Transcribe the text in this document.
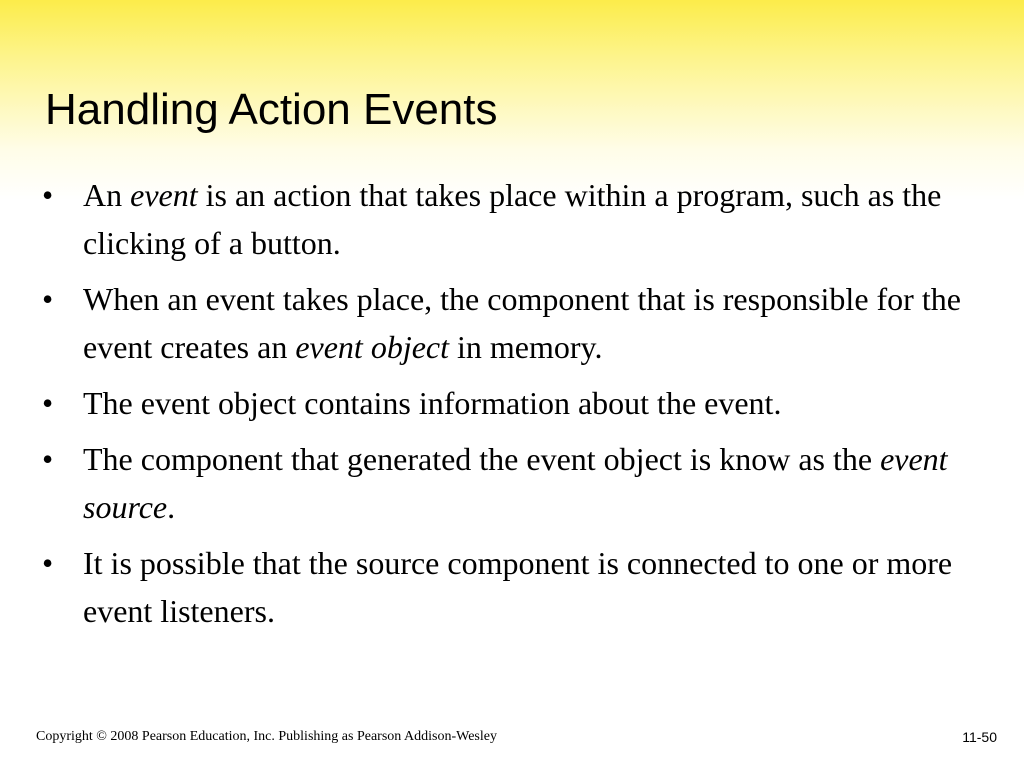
Handling Action Events
• An event is an action that takes place within a program, such as the clicking of a button.
• When an event takes place, the component that is responsible for the event creates an event object in memory.
• The event object contains information about the event.
• The component that generated the event object is know as the event source.
• It is possible that the source component is connected to one or more event listeners.
Copyright © 2008 Pearson Education, Inc. Publishing as Pearson Addison-Wesley	11-50
